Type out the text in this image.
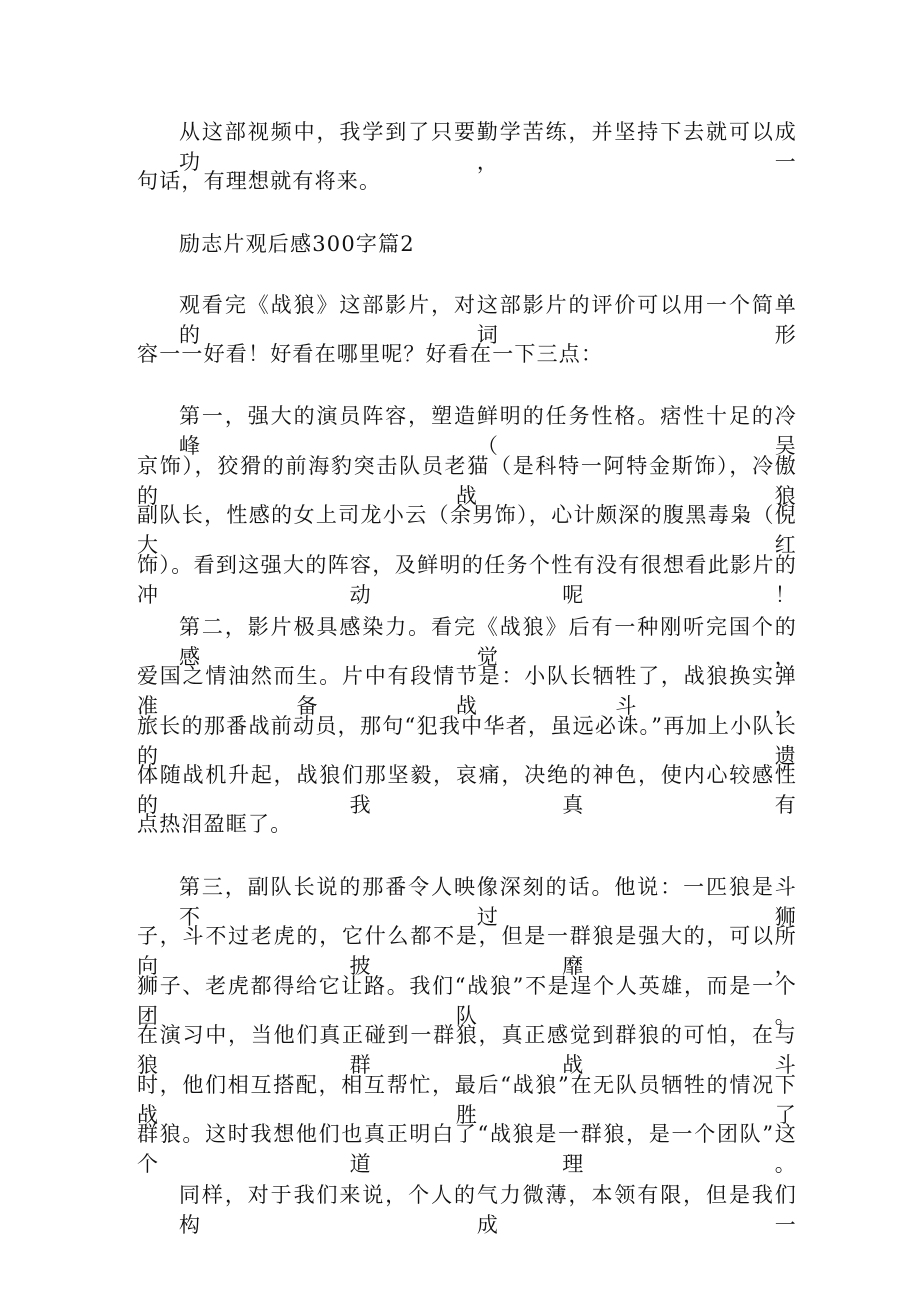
从这部视频中，我学到了只要勤学苦练，并坚持下去就可以成功，一
句话，有理想就有将来。
励志片观后感300字篇2
观看完《战狼》这部影片，对这部影片的评价可以用一个简单的词形
容一一好看！好看在哪里呢？好看在一下三点：
第一，强大的演员阵容，塑造鲜明的任务性格。痞性十足的冷峰（吴
京饰），狡猾的前海豹突击队员老猫（是科特一阿特金斯饰），冷傲的战狼
副队长，性感的女上司龙小云（余男饰），心计颇深的腹黑毒枭（倪大红
饰）。看到这强大的阵容，及鲜明的任务个性有没有很想看此影片的冲动呢！
第二，影片极具感染力。看完《战狼》后有一种刚听完国个的感觉，
爱国之情油然而生。片中有段情节是：小队长牺牲了，战狼换实弹准备战斗，
旅长的那番战前动员，那句“犯我中华者，虽远必诛。”再加上小队长的遗
体随战机升起，战狼们那坚毅，哀痛，决绝的神色，使内心较感性的我真有
点热泪盈眶了。
第三，副队长说的那番令人映像深刻的话。他说：一匹狼是斗不过狮
子，斗不过老虎的，它什么都不是，但是一群狼是强大的，可以所向披靡，
狮子、老虎都得给它让路。我们“战狼”不是逞个人英雄，而是一个团队。
在演习中，当他们真正碰到一群狼，真正感觉到群狼的可怕，在与狼群战斗
时，他们相互搭配，相互帮忙，最后“战狼”在无队员牺牲的情况下战胜了
群狼。这时我想他们也真正明白了“战狼是一群狼，是一个团队”这个道理。
同样，对于我们来说，个人的气力微薄，本领有限，但是我们构成一
